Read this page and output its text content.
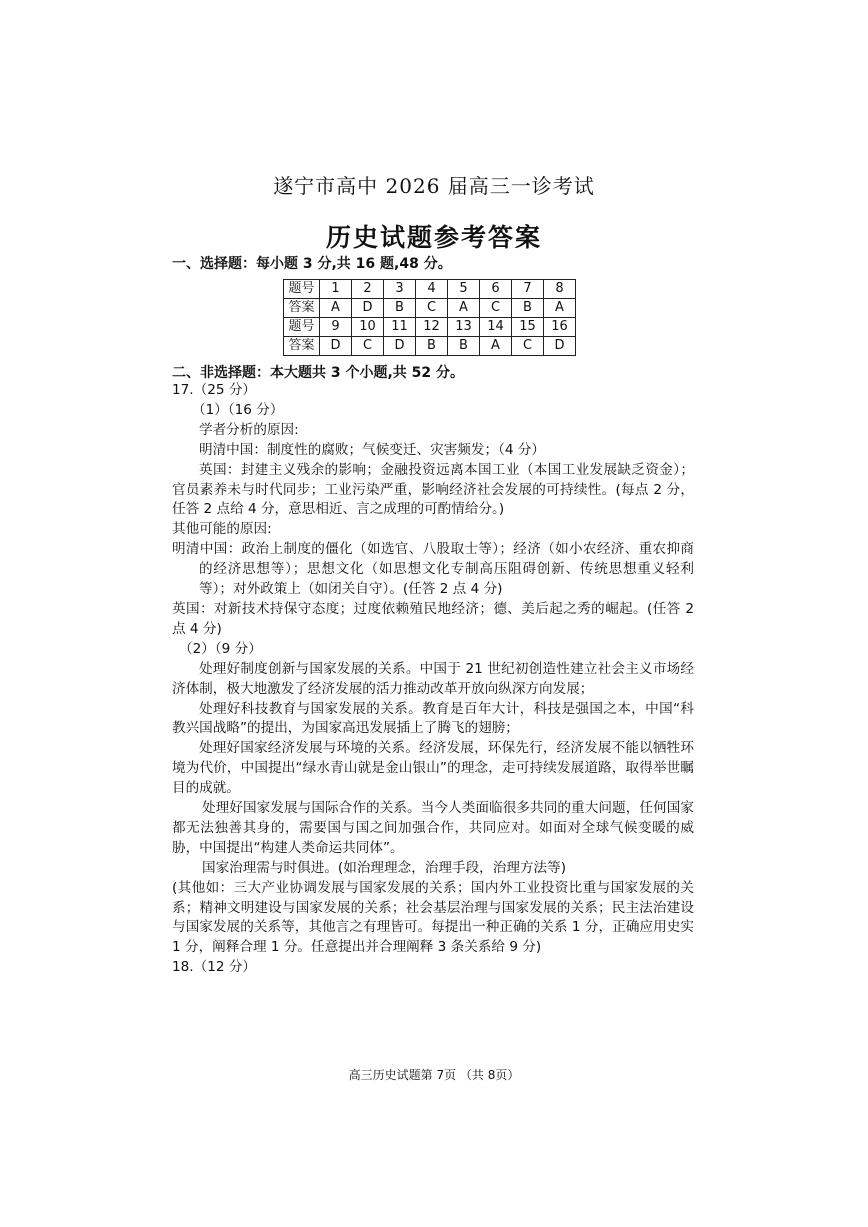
遂宁市高中 2026 届高三一诊考试
历史试题参考答案
一、选择题：每小题 3 分,共 16 题,48 分。
题号	1	2	3	4	5	6	7	8
答案	A	D	B	C	A	C	B	A
题号	9	10	11	12	13	14	15	16
答案	D	C	D	B	B	A	C	D
二、非选择题：本大题共 3 个小题,共 52 分。

17.（25 分）

（1）（16 分）

学者分析的原因:

明清中国：制度性的腐败；气候变迁、灾害频发；（4 分）

英国：封建主义残余的影响；金融投资远离本国工业（本国工业发展缺乏资金）；官员素养未与时代同步；工业污染严重，影响经济社会发展的可持续性。(每点 2 分，任答 2 点给 4 分，意思相近、言之成理的可酌情给分。)

其他可能的原因:

明清中国：政治上制度的僵化（如选官、八股取士等）；经济（如小农经济、重农抑商的经济思想等）；思想文化（如思想文化专制高压阻碍创新、传统思想重义轻利等）；对外政策上（如闭关自守）。(任答 2 点 4 分)

英国：对新技术持保守态度；过度依赖殖民地经济；德、美后起之秀的崛起。(任答 2 点 4 分)

（2）（9 分）

处理好制度创新与国家发展的关系。中国于 21 世纪初创造性建立社会主义市场经济体制，极大地激发了经济发展的活力推动改革开放向纵深方向发展；

处理好科技教育与国家发展的关系。教育是百年大计，科技是强国之本，中国“科教兴国战略”的提出，为国家高迅发展插上了腾飞的翅膀；

处理好国家经济发展与环境的关系。经济发展，环保先行，经济发展不能以牺牲环境为代价，中国提出“绿水青山就是金山银山”的理念，走可持续发展道路，取得举世瞩目的成就。

处理好国家发展与国际合作的关系。当今人类面临很多共同的重大问题，任何国家都无法独善其身的，需要国与国之间加强合作，共同应对。如面对全球气候变暖的威胁，中国提出“构建人类命运共同体”。

国家治理需与时俱进。(如治理理念，治理手段，治理方法等)

(其他如：三大产业协调发展与国家发展的关系；国内外工业投资比重与国家发展的关系；精神文明建设与国家发展的关系；社会基层治理与国家发展的关系；民主法治建设与国家发展的关系等，其他言之有理皆可。每提出一种正确的关系 1 分，正确应用史实 1 分，阐释合理 1 分。任意提出并合理阐释 3 条关系给 9 分)

18.（12 分）

高三历史试题第 7页 （共 8页）
